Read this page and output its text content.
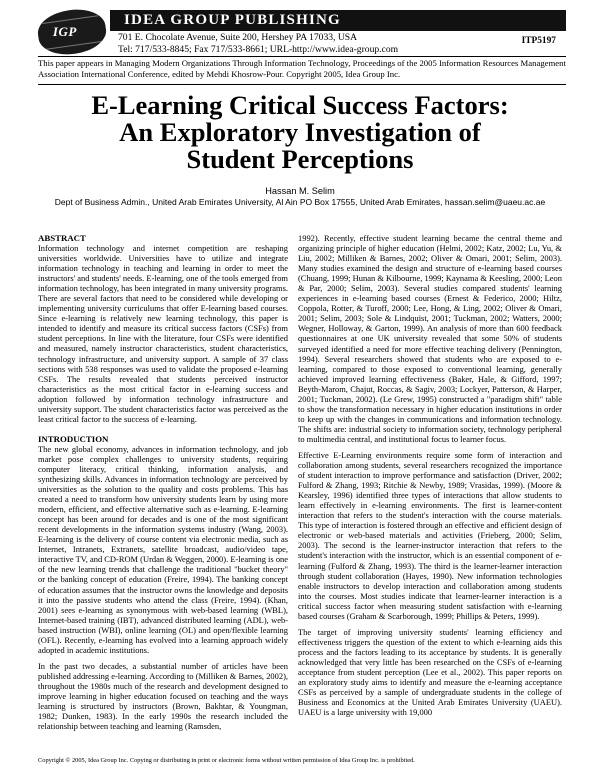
IGP
IDEA GROUP PUBLISHING
701 E. Chocolate Avenue, Suite 200, Hershey PA 17033, USA
Tel: 717/533-8845; Fax 717/533-8661; URL-http://www.idea-group.com
ITP5197
This paper appears in Managing Modern Organizations Through Information Technology, Proceedings of the 2005 Information Resources Management Association International Conference, edited by Mehdi Khosrow-Pour. Copyright 2005, Idea Group Inc.
E-Learning Critical Success Factors:
An Exploratory Investigation of
Student Perceptions
Hassan M. Selim
Dept of Business Admin., United Arab Emirates University, Al Ain PO Box 17555, United Arab Emirates, hassan.selim@uaeu.ac.ae
ABSTRACT

Information technology and internet competition are reshaping universities worldwide. Universities have to utilize and integrate information technology in teaching and learning in order to meet the instructors' and students' needs. E-learning, one of the tools emerged from information technology, has been integrated in many university programs. There are several factors that need to be considered while developing or implementing university curriculums that offer E-learning based courses. Since e-learning is relatively new learning technology, this paper is intended to identify and measure its critical success factors (CSFs) from student perceptions. In line with the literature, four CSFs were identified and measured, namely instructor characteristics, student characteristics, technology infrastructure, and university support. A sample of 37 class sections with 538 responses was used to validate the proposed e-learning CSFs. The results revealed that students perceived instructor characteristics as the most critical factor in e-learning success and adoption followed by information technology infrastructure and university support. The student characteristics factor was perceived as the least critical factor to the success of e-learning.

INTRODUCTION

The new global economy, advances in information technology, and job market pose complex challenges to university students, requiring computer literacy, critical thinking, information analysis, and synthesizing skills. Advances in information technology are perceived by universities as the solution to the quality and costs problems. This has created a need to transform how university students learn by using more modern, efficient, and effective alternative such as e-learning. E-learning concept has been around for decades and is one of the most significant recent developments in the information systems industry (Wang, 2003). E-learning is the delivery of course content via electronic media, such as Internet, Intranets, Extranets, satellite broadcast, audio/video tape, interactive TV, and CD-ROM (Urdan & Weggen, 2000). E-learning is one of the new learning trends that challenge the traditional "bucket theory" or the banking concept of education (Freire, 1994). The banking concept of education assumes that the instructor owns the knowledge and deposits it into the passive students who attend the class (Freire, 1994). (Khan, 2001) sees e-learning as synonymous with web-based learning (WBL), Internet-based training (IBT), advanced distributed learning (ADL), web-based instruction (WBI), online learning (OL) and open/flexible learning (OFL). Recently, e-learning has evolved into a learning approach widely adopted in academic institutions.

In the past two decades, a substantial number of articles have been published addressing e-learning. According to (Milliken & Barnes, 2002), throughout the 1980s much of the research and development designed to improve learning in higher education focused on teaching and the ways learning is structured by instructors (Brown, Bakhtar, & Youngman, 1982; Dunken, 1983). In the early 1990s the research included the relationship between teaching and learning (Ramsden,

1992). Recently, effective student learning became the central theme and organizing principle of higher education (Helmi, 2002; Katz, 2002; Lu, Yu, & Liu, 2002; Milliken & Barnes, 2002; Oliver & Omari, 2001; Selim, 2003). Many studies examined the design and structure of e-learning based courses (Chuang, 1999; Hunan & Kilbourne, 1999; Kaynama & Keesling, 2000; Leon & Par, 2000; Selim, 2003). Several studies compared students' learning experiences in e-learning based courses (Ernest & Federico, 2000; Hiltz, Coppola, Rotter, & Turoff, 2000; Lee, Hong, & Ling, 2002; Oliver & Omari, 2001; Selim, 2003; Sole & Lindquist, 2001; Tuckman, 2002; Watters, 2000; Wegner, Holloway, & Garton, 1999). An analysis of more than 600 feedback questionnaires at one UK university revealed that some 50% of students surveyed identified a need for more effective teaching delivery (Pennington, 1994). Several researchers showed that students who are exposed to e-learning, compared to those exposed to conventional learning, generally achieved improved learning effectiveness (Baker, Hale, & Gifford, 1997; Beyth-Marom, Chajut, Roccas, & Sagiv, 2003; Lockyer, Patterson, & Harper, 2001; Tuckman, 2002). (Le Grew, 1995) constructed a "paradigm shift" table to show the transformation necessary in higher education institutions in order to keep up with the changes in communications and information technology. The shifts are: industrial society to information society, technology peripheral to multimedia central, and institutional focus to learner focus.

Effective E-Learning environments require some form of interaction and collaboration among students, several researchers recognized the importance of student interaction to improve performance and satisfaction (Driver, 2002; Fulford & Zhang, 1993; Ritchie & Newby, 1989; Vrasidas, 1999). (Moore & Kearsley, 1996) identified three types of interactions that allow students to learn effectively in e-learning environments. The first is learner-content interaction that refers to the student's interaction with the course materials. This type of interaction is fostered through an effective and efficient design of electronic or web-based materials and activities (Frieberg, 2000; Selim, 2003). The second is the learner-instructor interaction that refers to the student's interaction with the instructor, which is an essential component of e-learning (Fulford & Zhang, 1993). The third is the learner-learner interaction through student collaboration (Hayes, 1990). New information technologies enable instructors to develop interaction and collaboration among students into the courses. Most studies indicate that learner-learner interaction is a critical success factor when measuring student satisfaction with e-learning based courses (Graham & Scarborough, 1999; Phillips & Peters, 1999).

The target of improving university students' learning efficiency and effectiveness triggers the question of the extent to which e-learning aids this process and the factors leading to its acceptance by students. It is generally acknowledged that very little has been researched on the CSFs of e-learning acceptance from student perception (Lee et al., 2002). This paper reports on an exploratory study aims to identify and measure the e-learning acceptance CSFs as perceived by a sample of undergraduate students in the college of Business and Economics at the United Arab Emirates University (UAEU). UAEU is a large university with 19,000

Copyright © 2005, Idea Group Inc. Copying or distributing in print or electronic forms without written permission of Idea Group Inc. is prohibited.
